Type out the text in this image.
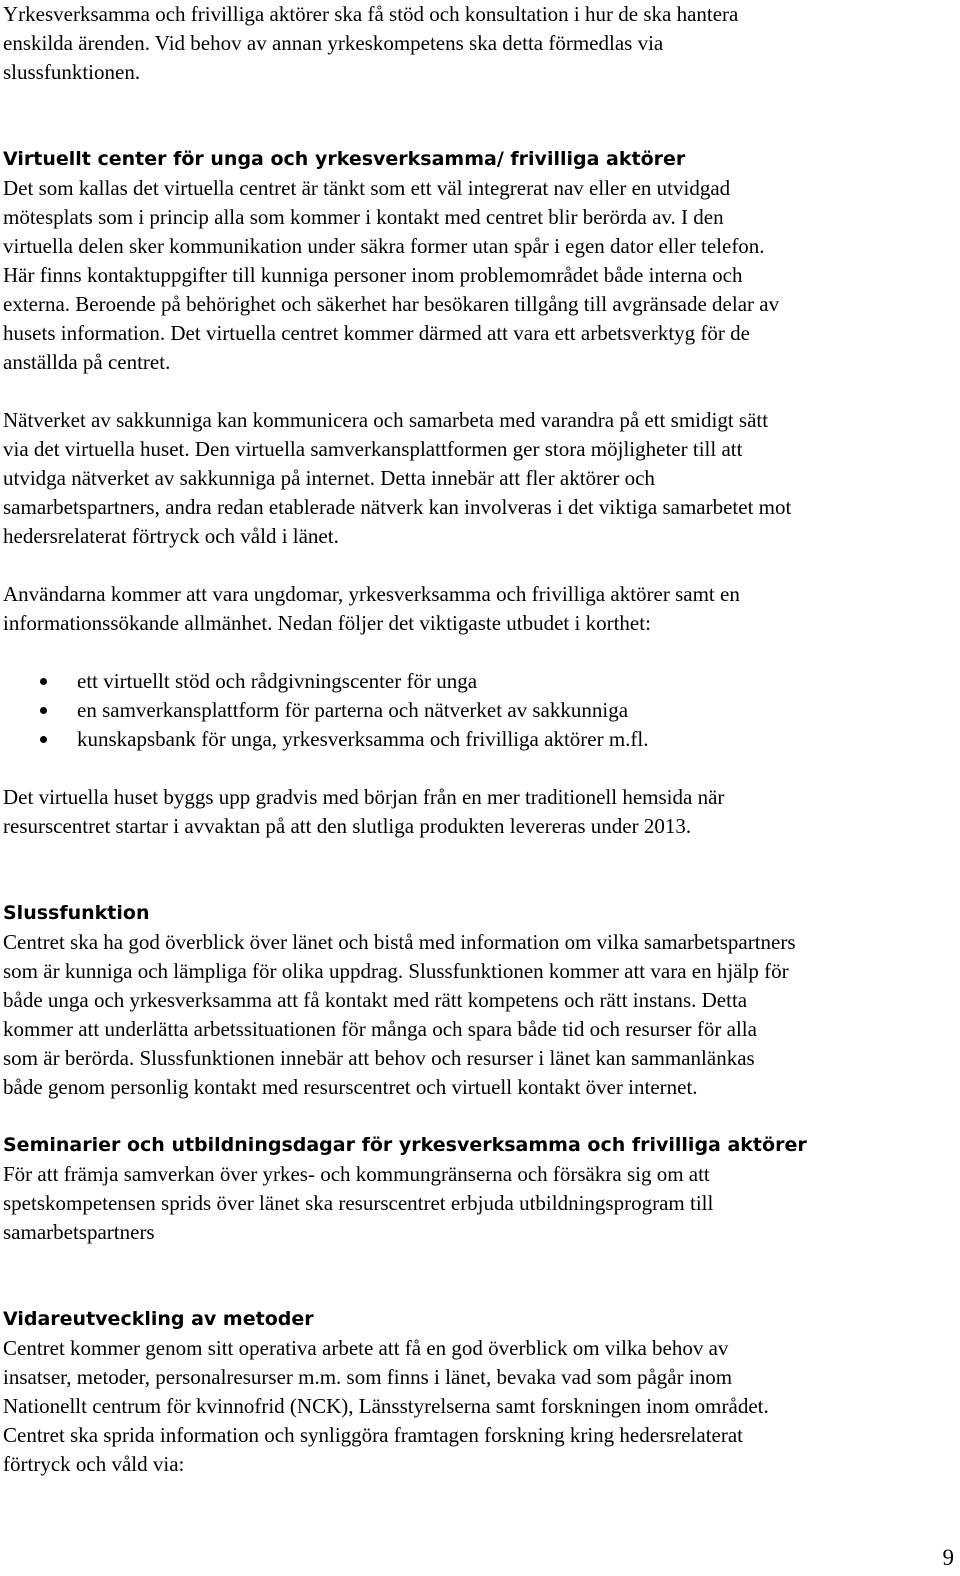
Yrkesverksamma och frivilliga aktörer ska få stöd och konsultation i hur de ska hantera
enskilda ärenden. Vid behov av annan yrkeskompetens ska detta förmedlas via
slussfunktionen.

Virtuellt center för unga och yrkesverksamma/ frivilliga aktörer

Det som kallas det virtuella centret är tänkt som ett väl integrerat nav eller en utvidgad
mötesplats som i princip alla som kommer i kontakt med centret blir berörda av. I den
virtuella delen sker kommunikation under säkra former utan spår i egen dator eller telefon.
Här finns kontaktuppgifter till kunniga personer inom problemområdet både interna och
externa. Beroende på behörighet och säkerhet har besökaren tillgång till avgränsade delar av
husets information. Det virtuella centret kommer därmed att vara ett arbetsverktyg för de
anställda på centret.

Nätverket av sakkunniga kan kommunicera och samarbeta med varandra på ett smidigt sätt
via det virtuella huset. Den virtuella samverkansplattformen ger stora möjligheter till att
utvidga nätverket av sakkunniga på internet. Detta innebär att fler aktörer och
samarbetspartners, andra redan etablerade nätverk kan involveras i det viktiga samarbetet mot
hedersrelaterat förtryck och våld i länet.

Användarna kommer att vara ungdomar, yrkesverksamma och frivilliga aktörer samt en
informationssökande allmänhet. Nedan följer det viktigaste utbudet i korthet:

ett virtuellt stöd och rådgivningscenter för unga
en samverkansplattform för parterna och nätverket av sakkunniga
kunskapsbank för unga, yrkesverksamma och frivilliga aktörer m.fl.

Det virtuella huset byggs upp gradvis med början från en mer traditionell hemsida när
resurscentret startar i avvaktan på att den slutliga produkten levereras under 2013.

Slussfunktion

Centret ska ha god överblick över länet och bistå med information om vilka samarbetspartners
som är kunniga och lämpliga för olika uppdrag. Slussfunktionen kommer att vara en hjälp för
både unga och yrkesverksamma att få kontakt med rätt kompetens och rätt instans. Detta
kommer att underlätta arbetssituationen för många och spara både tid och resurser för alla
som är berörda. Slussfunktionen innebär att behov och resurser i länet kan sammanlänkas
både genom personlig kontakt med resurscentret och virtuell kontakt över internet.

Seminarier och utbildningsdagar för yrkesverksamma och frivilliga aktörer

För att främja samverkan över yrkes- och kommungränserna och försäkra sig om att
spetskompetensen sprids över länet ska resurscentret erbjuda utbildningsprogram till
samarbetspartners

Vidareutveckling av metoder

Centret kommer genom sitt operativa arbete att få en god överblick om vilka behov av
insatser, metoder, personalresurser m.m. som finns i länet, bevaka vad som pågår inom
Nationellt centrum för kvinnofrid (NCK), Länsstyrelserna samt forskningen inom området.
Centret ska sprida information och synliggöra framtagen forskning kring hedersrelaterat
förtryck och våld via:

9
